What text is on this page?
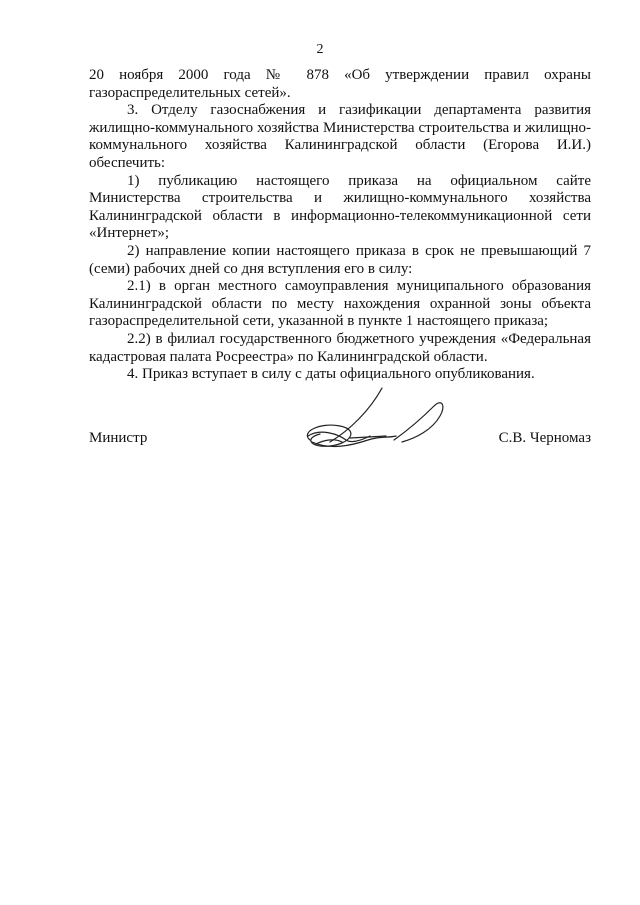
2

20 ноября 2000 года № 878 «Об утверждении правил охраны газораспределительных сетей».

3. Отделу газоснабжения и газификации департамента развития жилищно-коммунального хозяйства Министерства строительства и жилищно-коммунального хозяйства Калининградской области (Егорова И.И.) обеспечить:

1) публикацию настоящего приказа на официальном сайте Министерства строительства и жилищно-коммунального хозяйства Калининградской области в информационно-телекоммуникационной сети «Интернет»;

2) направление копии настоящего приказа в срок не превышающий 7 (семи) рабочих дней со дня вступления его в силу:

2.1) в орган местного самоуправления муниципального образования Калининградской области по месту нахождения охранной зоны объекта газораспределительной сети, указанной в пункте 1 настоящего приказа;

2.2) в филиал государственного бюджетного учреждения «Федеральная кадастровая палата Росреестра» по Калининградской области.

4. Приказ вступает в силу с даты официального опубликования.

Министр	С.В. Черномаз
